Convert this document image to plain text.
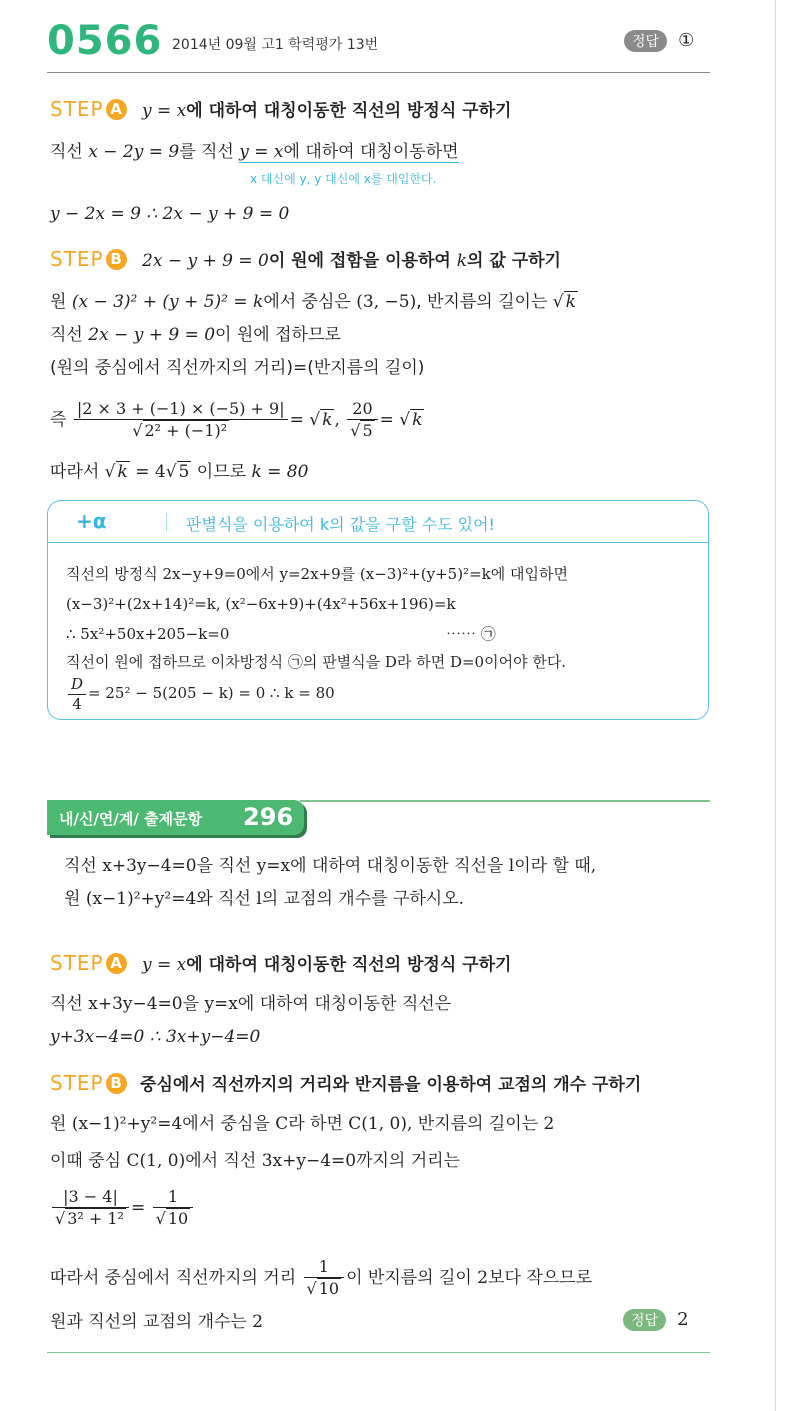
0566 2014년 09월 고1 학력평가 13번	정답 ①
STEP A y = x에 대하여 대칭이동한 직선의 방정식 구하기
직선 x − 2y = 9를 직선 y = x에 대하여 대칭이동하면
x 대신에 y, y 대신에 x를 대입한다.
y − 2x = 9 ∴ 2x − y + 9 = 0
STEP B 2x − y + 9 = 0이 원에 접함을 이용하여 k의 값 구하기
원 (x − 3)² + (y + 5)² = k에서 중심은 (3, −5), 반지름의 길이는 √ k
직선 2x − y + 9 = 0이 원에 접하므로
(원의 중심에서 직선까지의 거리)=(반지름의 길이)
즉 |2 × 3 + (−1) × (−5) + 9|
√ 2² + (−1)² = √ k , 20
√ 5 = √ k
따라서 √ k = 4√ 5 이므로 k = 80
+α	판별식을 이용하여 k의 값을 구할 수도 있어!
직선의 방정식 2x−y+9=0에서 y=2x+9를 (x−3)²+(y+5)²=k에 대입하면
(x−3)²+(2x+14)²=k, (x²−6x+9)+(4x²+56x+196)=k
∴ 5x²+50x+205−k=0	⋯⋯ ㉠
직선이 원에 접하므로 이차방정식 ㉠의 판별식을 D라 하면 D=0이어야 한다.
$\frac{D}{4} = 25^2 - 5(205 - k) = 0$ ∴ k = 80
내/신/연/계/ 출제문항 296
직선 x+3y−4=0을 직선 y=x에 대하여 대칭이동한 직선을 l이라 할 때,
원 (x−1)²+y²=4와 직선 l의 교점의 개수를 구하시오.
STEP A y = x에 대하여 대칭이동한 직선의 방정식 구하기
직선 x+3y−4=0을 y=x에 대하여 대칭이동한 직선은
y+3x−4=0 ∴ 3x+y−4=0
STEP B 중심에서 직선까지의 거리와 반지름을 이용하여 교점의 개수 구하기
원 (x−1)²+y²=4에서 중심을 C라 하면 C(1, 0), 반지름의 길이는 2
이때 중심 C(1, 0)에서 직선 3x+y−4=0까지의 거리는
|3 − 4|
√ 3² + 1² = 1
√ 10
따라서 중심에서 직선까지의 거리 1
√ 10 이 반지름의 길이 2보다 작으므로
원과 직선의 교점의 개수는 2	정답 2
